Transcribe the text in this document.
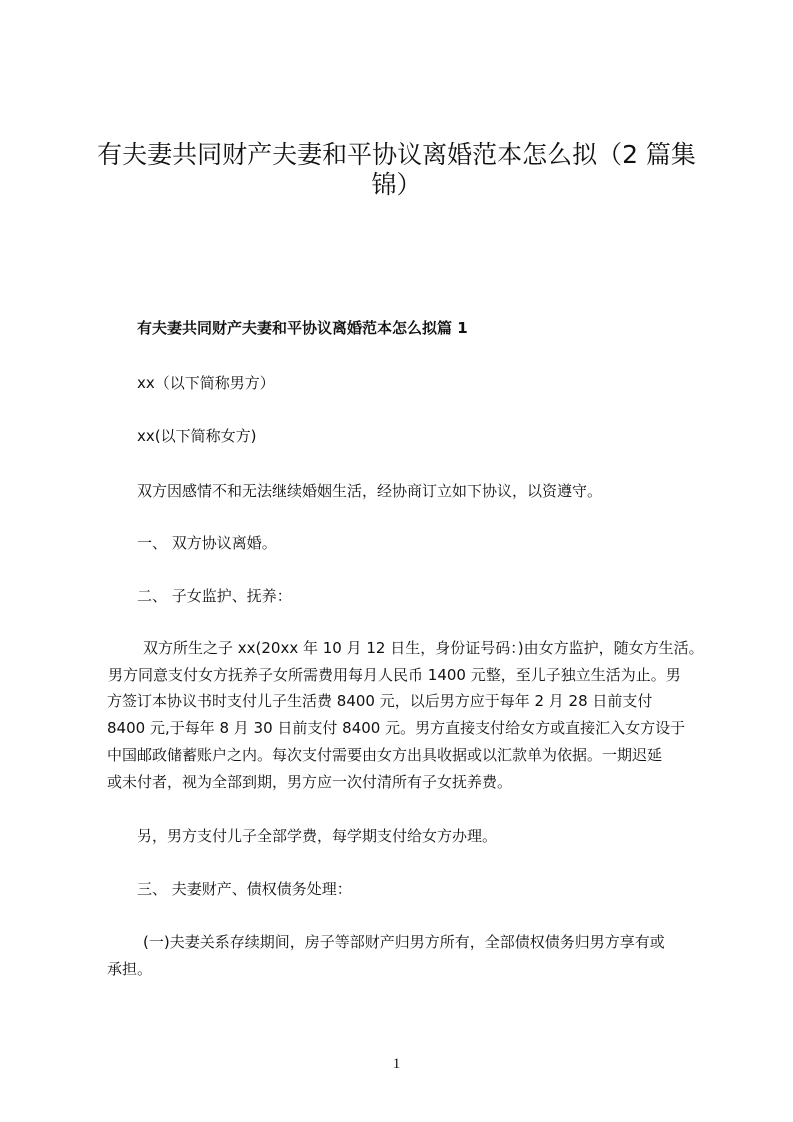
有夫妻共同财产夫妻和平协议离婚范本怎么拟（2 篇集锦）

有夫妻共同财产夫妻和平协议离婚范本怎么拟篇 1

xx（以下简称男方）

xx(以下简称女方)

双方因感情不和无法继续婚姻生活，经协商订立如下协议，以资遵守。

一、 双方协议离婚。

二、 子女监护、抚养：

双方所生之子 xx(20xx 年 10 月 12 日生，身份证号码：)由女方监护，随女方生活。

男方同意支付女方抚养子女所需费用每月人民币 1400 元整，至儿子独立生活为止。男

方签订本协议书时支付儿子生活费 8400 元，以后男方应于每年 2 月 28 日前支付

8400 元,于每年 8 月 30 日前支付 8400 元。男方直接支付给女方或直接汇入女方设于

中国邮政储蓄账户之内。每次支付需要由女方出具收据或以汇款单为依据。一期迟延

或未付者，视为全部到期，男方应一次付清所有子女抚养费。

另，男方支付儿子全部学费，每学期支付给女方办理。

三、 夫妻财产、债权债务处理：

(一)夫妻关系存续期间，房子等部财产归男方所有，全部债权债务归男方享有或

承担。

1
